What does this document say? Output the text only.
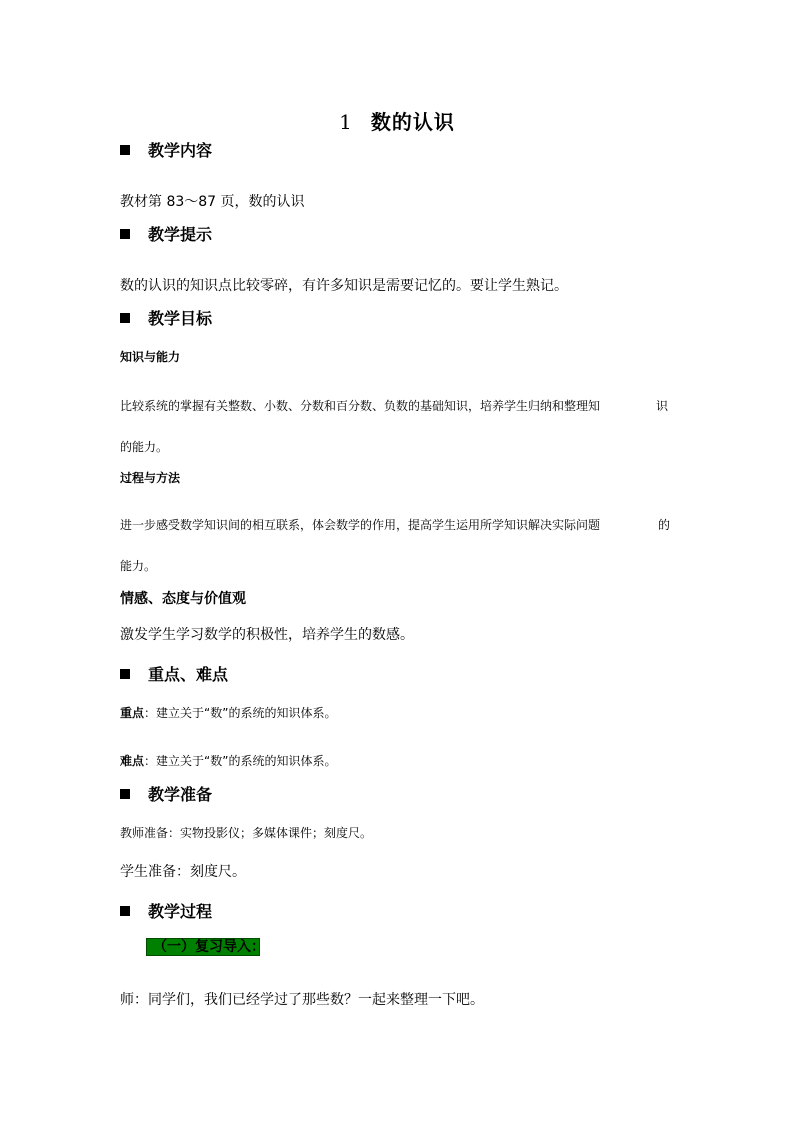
1 数的认识
教学内容
教材第 83～87 页，数的认识
教学提示
数的认识的知识点比较零碎，有许多知识是需要记忆的。要让学生熟记。
教学目标
知识与能力
比较系统的掌握有关整数、小数、分数和百分数、负数的基础知识，培养学生归纳和整理知	识
的能力。
过程与方法
进一步感受数学知识间的相互联系，体会数学的作用，提高学生运用所学知识解决实际问题	的
能力。
情感、态度与价值观
激发学生学习数学的积极性，培养学生的数感。
重点、难点
重点：建立关于“数”的系统的知识体系。
难点：建立关于“数”的系统的知识体系。
教学准备
教师准备：实物投影仪；多媒体课件；刻度尺。
学生准备：刻度尺。
教学过程
（一）复习导入：
师：同学们，我们已经学过了那些数？一起来整理一下吧。
